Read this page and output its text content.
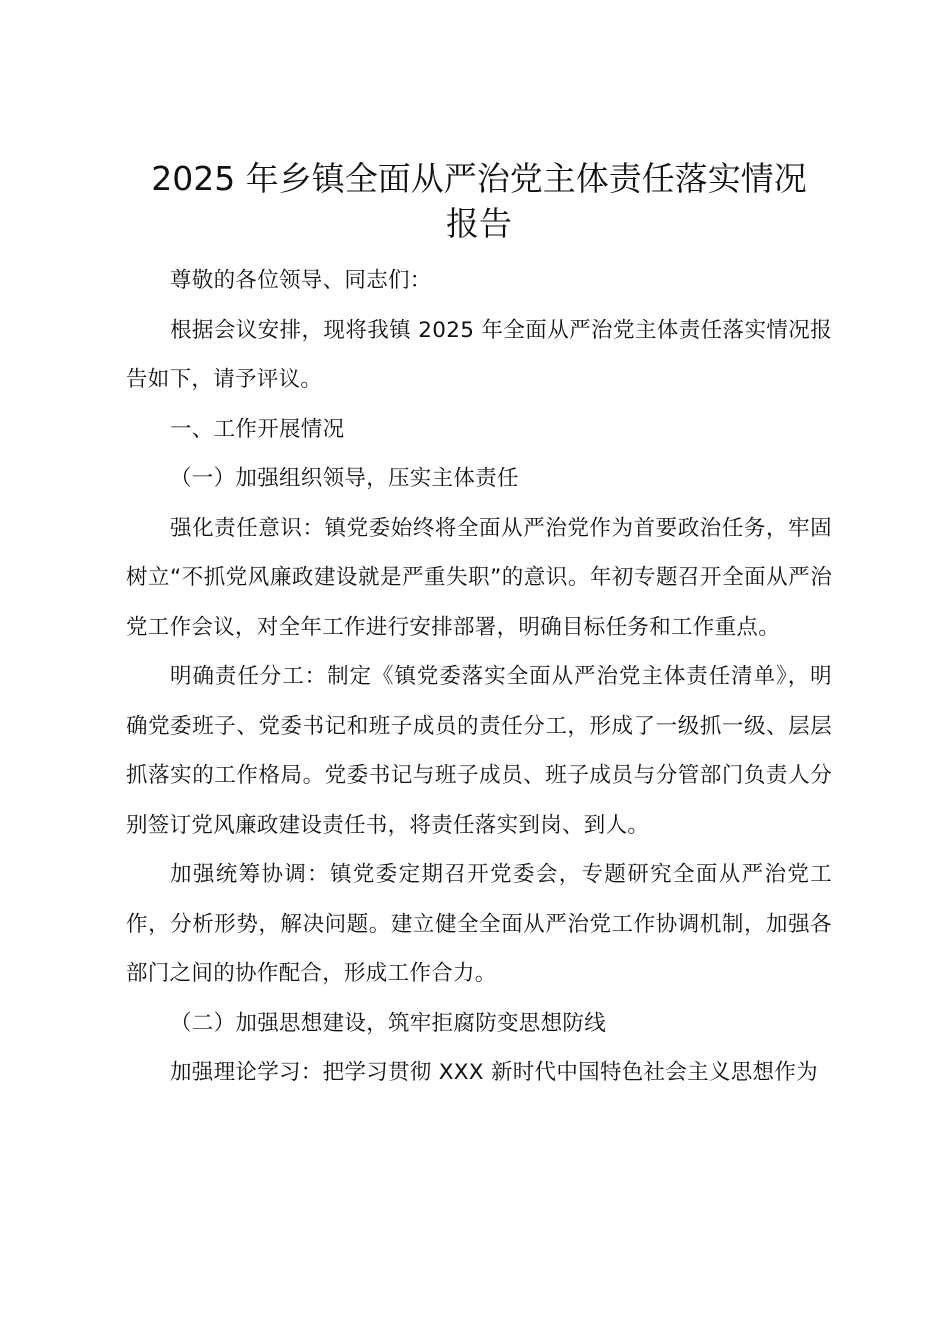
2025 年乡镇全面从严治党主体责任落实情况
报告

尊敬的各位领导、同志们：

根据会议安排，现将我镇 2025 年全面从严治党主体责任落实情况报告如下，请予评议。

一、工作开展情况

（一）加强组织领导，压实主体责任

强化责任意识：镇党委始终将全面从严治党作为首要政治任务，牢固树立“不抓党风廉政建设就是严重失职”的意识。年初专题召开全面从严治党工作会议，对全年工作进行安排部署，明确目标任务和工作重点。

明确责任分工：制定《镇党委落实全面从严治党主体责任清单》，明确党委班子、党委书记和班子成员的责任分工，形成了一级抓一级、层层抓落实的工作格局。党委书记与班子成员、班子成员与分管部门负责人分别签订党风廉政建设责任书，将责任落实到岗、到人。

加强统筹协调：镇党委定期召开党委会，专题研究全面从严治党工作，分析形势，解决问题。建立健全全面从严治党工作协调机制，加强各部门之间的协作配合，形成工作合力。

（二）加强思想建设，筑牢拒腐防变思想防线

加强理论学习：把学习贯彻 XXX 新时代中国特色社会主义思想作为
